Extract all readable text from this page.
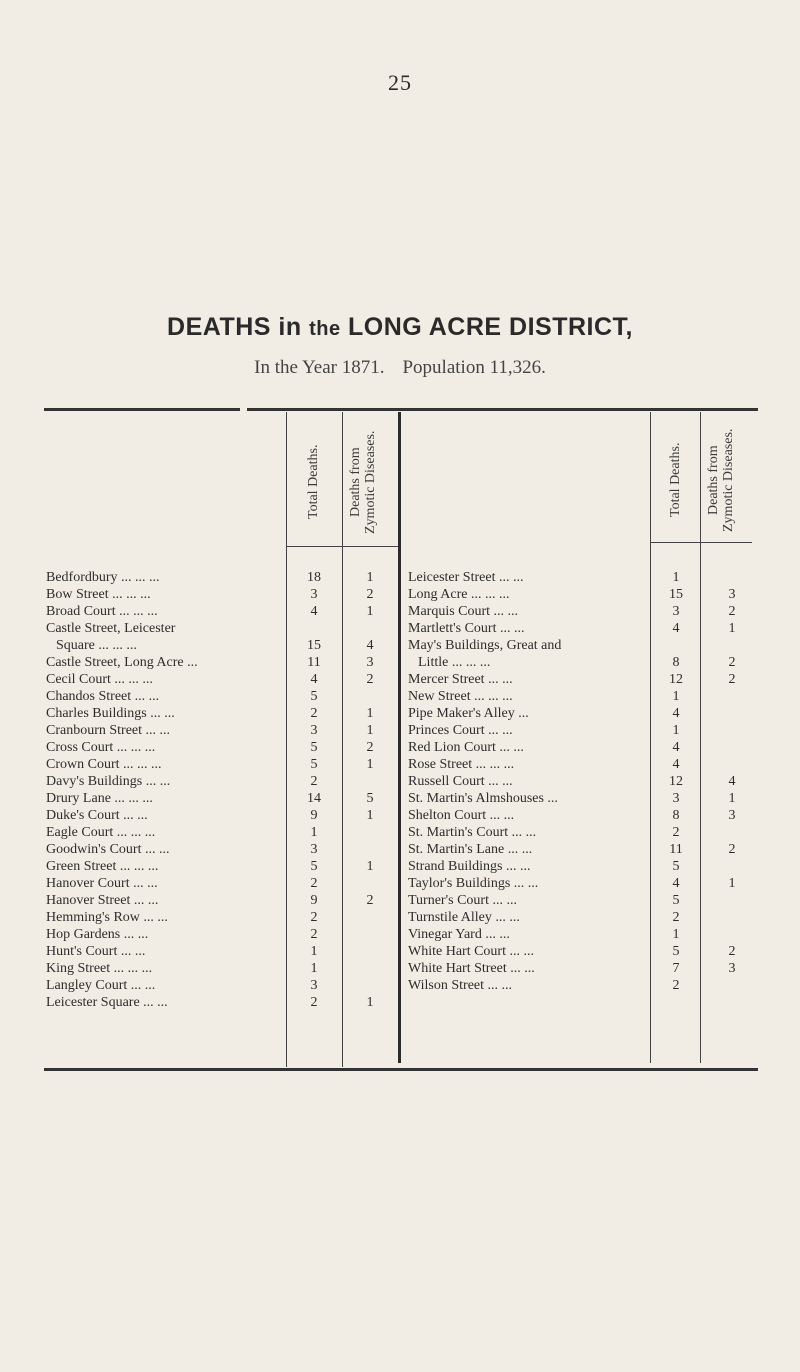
25
DEATHS in the LONG ACRE DISTRICT,
In the Year 1871. Population 11,326.
Total Deaths. Deaths from Zymotic Diseases.	Total Deaths. Deaths from Zymotic Diseases.
Bedfordbury ... ... ...	18	1
Bow Street ... ... ...	3	2
Broad Court ... ... ...	4	1
Castle Street, Leicester
Square ... ... ...	15	4
Castle Street, Long Acre ...	11	3
Cecil Court ... ... ...	4	2
Chandos Street ... ...	5
Charles Buildings ... ...	2	1
Cranbourn Street ... ...	3	1
Cross Court ... ... ...	5	2
Crown Court ... ... ...	5	1
Davy's Buildings ... ...	2
Drury Lane ... ... ...	14	5
Duke's Court ... ...	9	1
Eagle Court ... ... ...	1
Goodwin's Court ... ...	3
Green Street ... ... ...	5	1
Hanover Court ... ...	2
Hanover Street ... ...	9	2
Hemming's Row ... ...	2
Hop Gardens ... ...	2
Hunt's Court ... ...	1
King Street ... ... ...	1
Langley Court ... ...	3
Leicester Square ... ...	2	1
Leicester Street ... ...	1
Long Acre ... ... ...	15	3
Marquis Court ... ...	3	2
Martlett's Court ... ...	4	1
May's Buildings, Great and
Little ... ... ...	8	2
Mercer Street ... ...	12	2
New Street ... ... ...	1
Pipe Maker's Alley ...	4
Princes Court ... ...	1
Red Lion Court ... ...	4
Rose Street ... ... ...	4
Russell Court ... ...	12	4
St. Martin's Almshouses ...	3	1
Shelton Court ... ...	8	3
St. Martin's Court ... ...	2
St. Martin's Lane ... ...	11	2
Strand Buildings ... ...	5
Taylor's Buildings ... ...	4	1
Turner's Court ... ...	5
Turnstile Alley ... ...	2
Vinegar Yard ... ...	1
White Hart Court ... ...	5	2
White Hart Street ... ...	7	3
Wilson Street ... ...	2
